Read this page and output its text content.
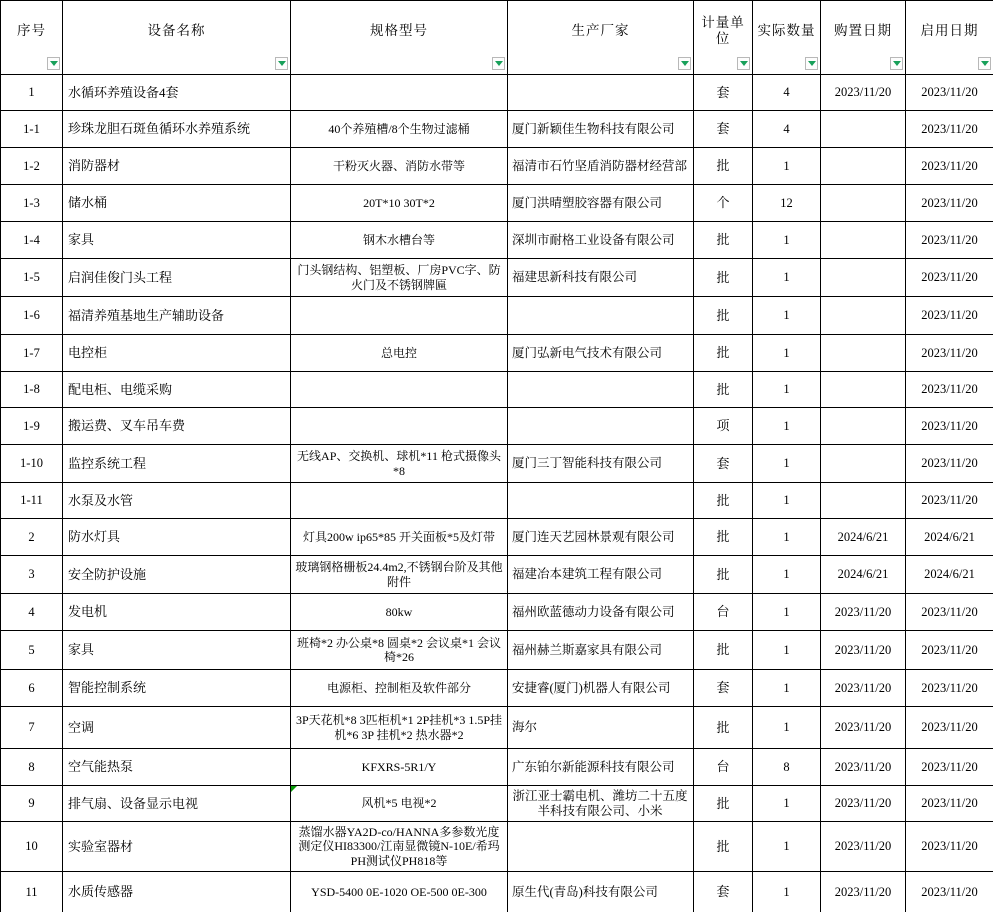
序号	设备名称	规格型号	生产厂家	计量单位	实际数量	购置日期	启用日期

1	水循环养殖设备4套			套	4	2023/11/20	2023/11/20
1-1	珍珠龙胆石斑鱼循环水养殖系统	40个养殖槽/8个生物过滤桶	厦门新颖佳生物科技有限公司	套	4		2023/11/20
1-2	消防器材	干粉灭火器、消防水带等	福清市石竹坚盾消防器材经营部	批	1		2023/11/20
1-3	储水桶	20T*10 30T*2	厦门洪晴塑胶容器有限公司	个	12		2023/11/20
1-4	家具	钢木水槽台等	深圳市耐格工业设备有限公司	批	1		2023/11/20
1-5	启润佳俊门头工程	门头钢结构、铝塑板、厂房PVC字、防火门及不锈钢牌匾	福建思新科技有限公司	批	1		2023/11/20
1-6	福清养殖基地生产辅助设备			批	1		2023/11/20
1-7	电控柜	总电控	厦门弘新电气技术有限公司	批	1		2023/11/20
1-8	配电柜、电缆采购			批	1		2023/11/20
1-9	搬运费、叉车吊车费			项	1		2023/11/20
1-10	监控系统工程	无线AP、交换机、球机*11 枪式摄像头*8	厦门三丁智能科技有限公司	套	1		2023/11/20
1-11	水泵及水管			批	1		2023/11/20
2	防水灯具	灯具200w ip65*85 开关面板*5及灯带	厦门连天艺园林景观有限公司	批	1	2024/6/21	2024/6/21
3	安全防护设施	玻璃钢格栅板24.4m2,不锈钢台阶及其他附件	福建冶本建筑工程有限公司	批	1	2024/6/21	2024/6/21
4	发电机	80kw	福州欧蓝德动力设备有限公司	台	1	2023/11/20	2023/11/20
5	家具	班椅*2 办公桌*8 圆桌*2 会议桌*1 会议椅*26	福州赫兰斯嘉家具有限公司	批	1	2023/11/20	2023/11/20
6	智能控制系统	电源柜、控制柜及软件部分	安捷睿(厦门)机器人有限公司	套	1	2023/11/20	2023/11/20
7	空调	3P天花机*8 3匹柜机*1 2P挂机*3 1.5P挂机*6 3P 挂机*2 热水器*2	海尔	批	1	2023/11/20	2023/11/20
8	空气能热泵	KFXRS-5R1/Y	广东铂尔新能源科技有限公司	台	8	2023/11/20	2023/11/20
9	排气扇、设备显示电视	风机*5 电视*2	浙江亚士霸电机、潍坊二十五度半科技有限公司、小米	批	1	2023/11/20	2023/11/20
10	实验室器材	蒸馏水器YA2D-co/HANNA多参数光度测定仪HI83300/江南显微镜N-10E/希玛PH测试仪PH818等		批	1	2023/11/20	2023/11/20
11	水质传感器	YSD-5400 0E-1020 OE-500 0E-300	原生代(青岛)科技有限公司	套	1	2023/11/20	2023/11/20
